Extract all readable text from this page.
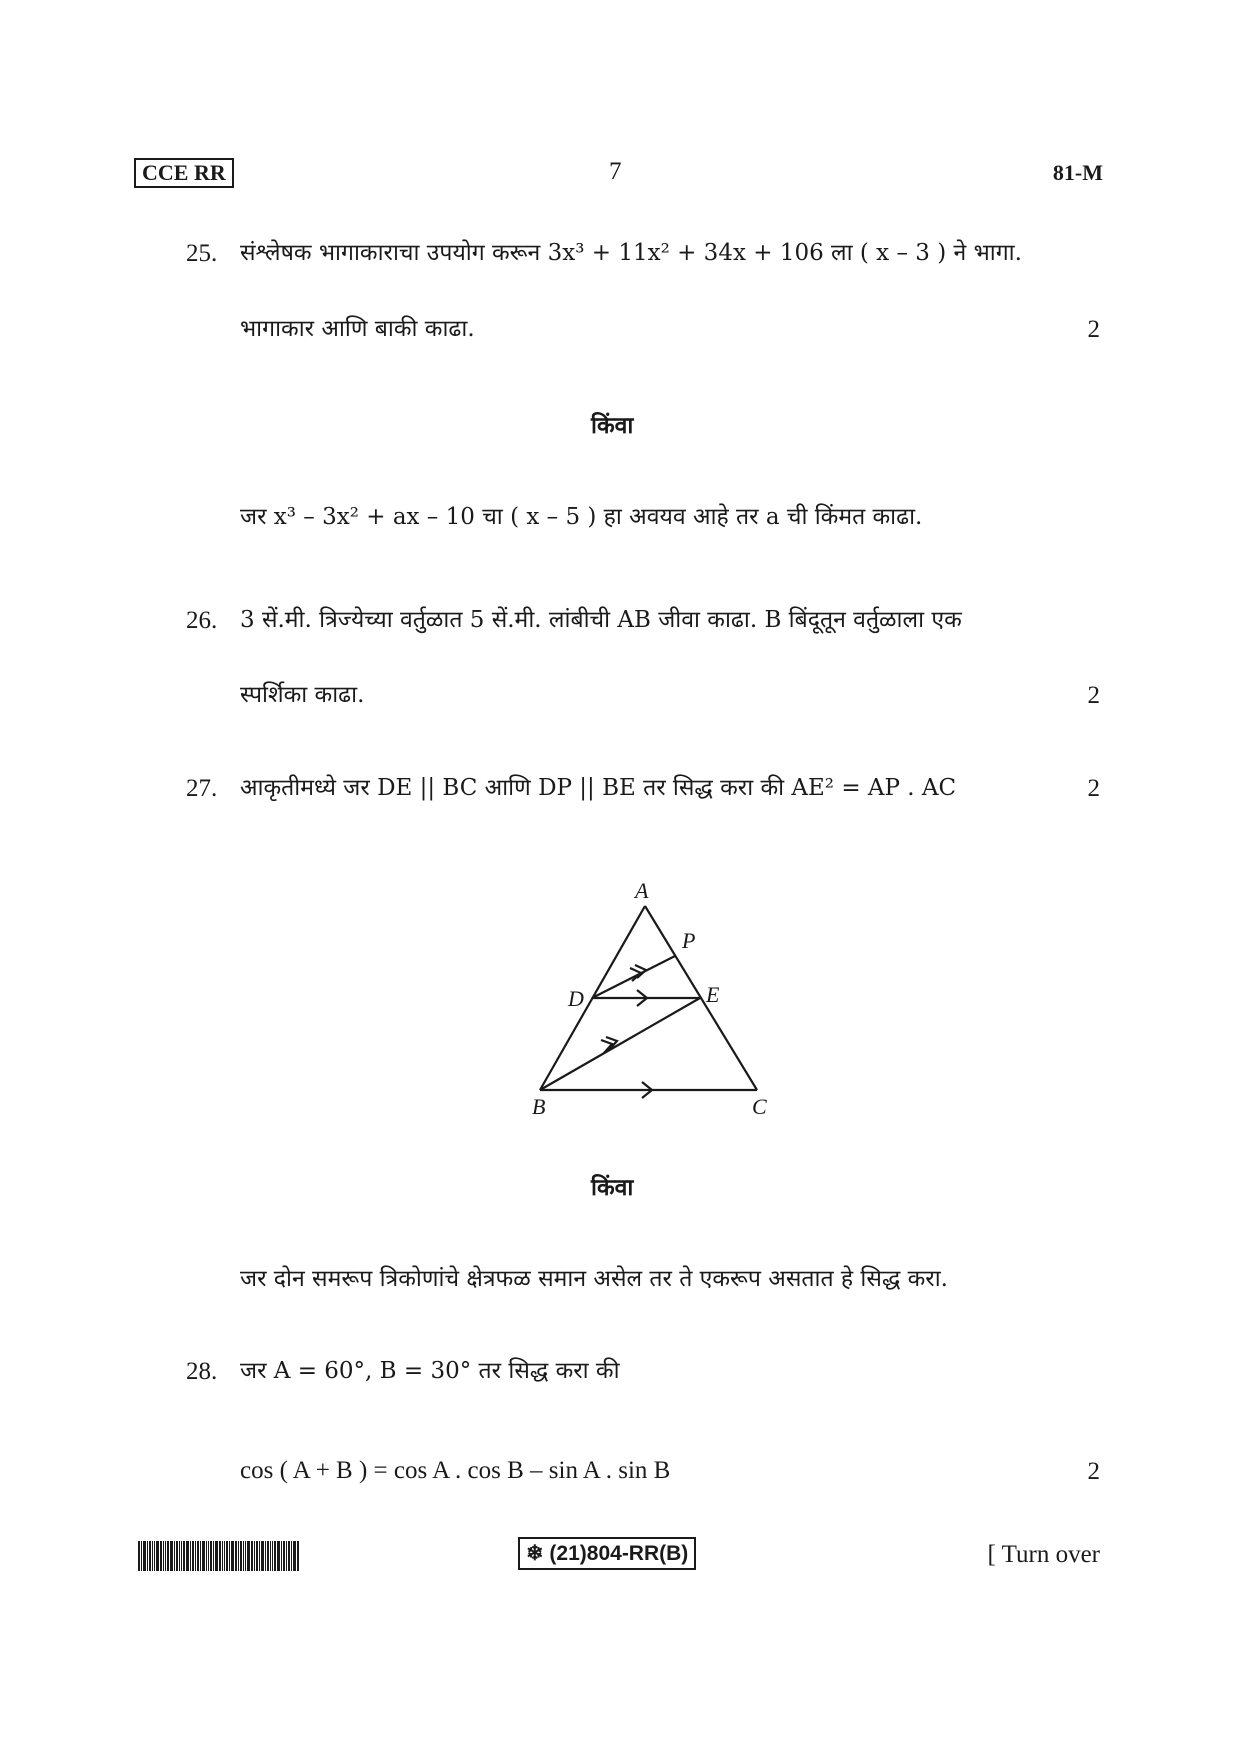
CCE RR	7	81-M
25. संश्लेषक भागाकाराचा उपयोग करून 3x³ + 11x² + 34x + 106 ला ( x – 3 ) ने भागा.
भागाकार आणि बाकी काढा.	2
किंवा
जर x³ – 3x² + ax – 10 चा ( x – 5 ) हा अवयव आहे तर a ची किंमत काढा.
26. 3 सें.मी. त्रिज्येच्या वर्तुळात 5 सें.मी. लांबीची AB जीवा काढा. B बिंदूतून वर्तुळाला एक
स्पर्शिका काढा.	2
27. आकृतीमध्ये जर DE || BC आणि DP || BE तर सिद्ध करा की AE² = AP . AC	2
A
P
D	E
B	C
किंवा
जर दोन समरूप त्रिकोणांचे क्षेत्रफळ समान असेल तर ते एकरूप असतात हे सिद्ध करा.
28. जर A = 60°, B = 30° तर सिद्ध करा की
cos ( A + B ) = cos A . cos B – sin A . sin B	2
❄ (21)804-RR(B)	[ Turn over
